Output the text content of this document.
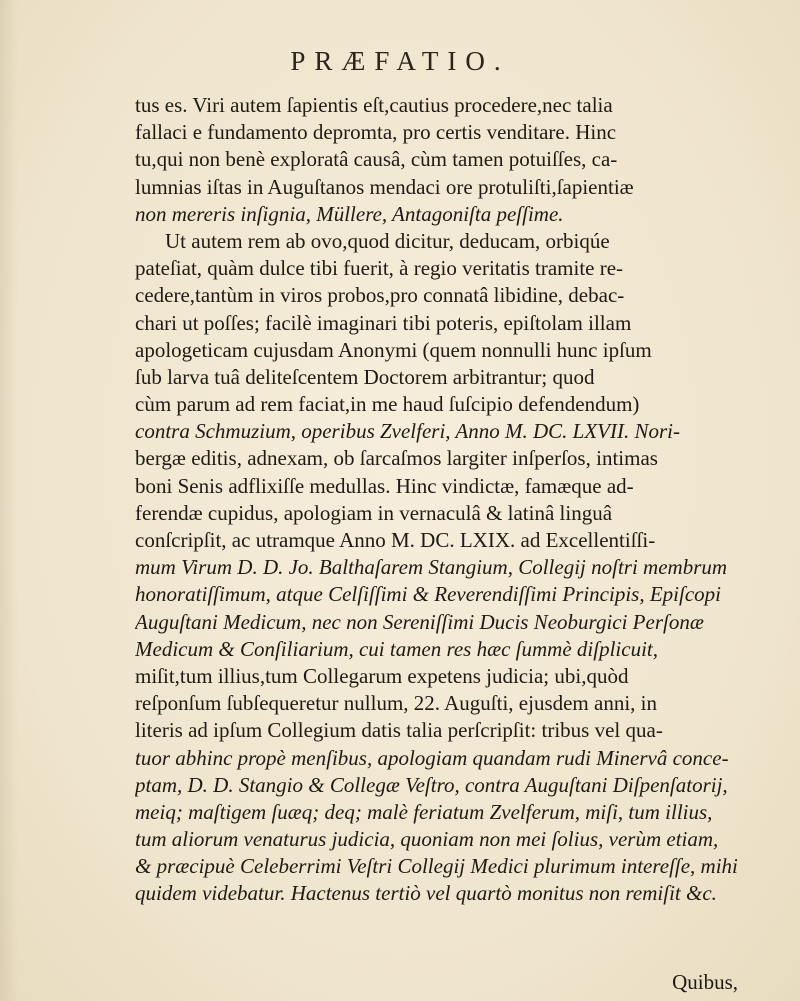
PRÆFATIO.
tus es. Viri autem ſapientis eſt,cautius procedere,nec talia
fallaci e fundamento depromta, pro certis venditare. Hinc
tu,qui non benè exploratâ causâ, cùm tamen potuiſſes, ca-
lumnias iſtas in Auguſtanos mendaci ore protuliſti,ſapientiæ
non mereris inſignia, Müllere, Antagoniſta peſſime.
Ut autem rem ab ovo,quod dicitur, deducam, orbiqúe
pateſiat, quàm dulce tibi fuerit, à regio veritatis tramite re-
cedere,tantùm in viros probos,pro connatâ libidine, debac-
chari ut poſſes; facilè imaginari tibi poteris, epiſtolam illam
apologeticam cujusdam Anonymi (quem nonnulli hunc ipſum
ſub larva tuâ deliteſcentem Doctorem arbitrantur; quod
cùm parum ad rem faciat,in me haud ſuſcipio defendendum)
contra Schmuzium, operibus Zvelferi, Anno M. DC. LXVII. Nori-
bergæ editis, adnexam, ob ſarcaſmos largiter inſperſos, intimas
boni Senis adflixiſſe medullas. Hinc vindictæ, famæque ad-
ferendæ cupidus, apologiam in vernaculâ & latinâ linguâ
conſcripſit, ac utramque Anno M. DC. LXIX. ad Excellentiſſi-
mum Virum D. D. Jo. Balthaſarem Stangium, Collegij noſtri membrum
honoratiſſimum, atque Celſiſſimi & Reverendiſſimi Principis, Epiſcopi
Auguſtani Medicum, nec non Sereniſſimi Ducis Neoburgici Perſonæ
Medicum & Conſiliarium, cui tamen res hæc ſummè diſplicuit,
miſit,tum illius,tum Collegarum expetens judicia; ubi,quòd
reſponſum ſubſequeretur nullum, 22. Auguſti, ejusdem anni, in
literis ad ipſum Collegium datis talia perſcripſit: tribus vel qua-
tuor abhinc propè menſibus, apologiam quandam rudi Minervâ conce-
ptam, D. D. Stangio & Collegæ Veſtro, contra Auguſtani Diſpenſatorij,
meiq; maſtigem ſuæq; deq; malè feriatum Zvelferum, miſi, tum illius,
tum aliorum venaturus judicia, quoniam non mei ſolius, verùm etiam,
& præcipuè Celeberrimi Veſtri Collegij Medici plurimum intereſſe, mihi
quidem videbatur. Hactenus tertiò vel quartò monitus non remiſit &c.
Quibus,
